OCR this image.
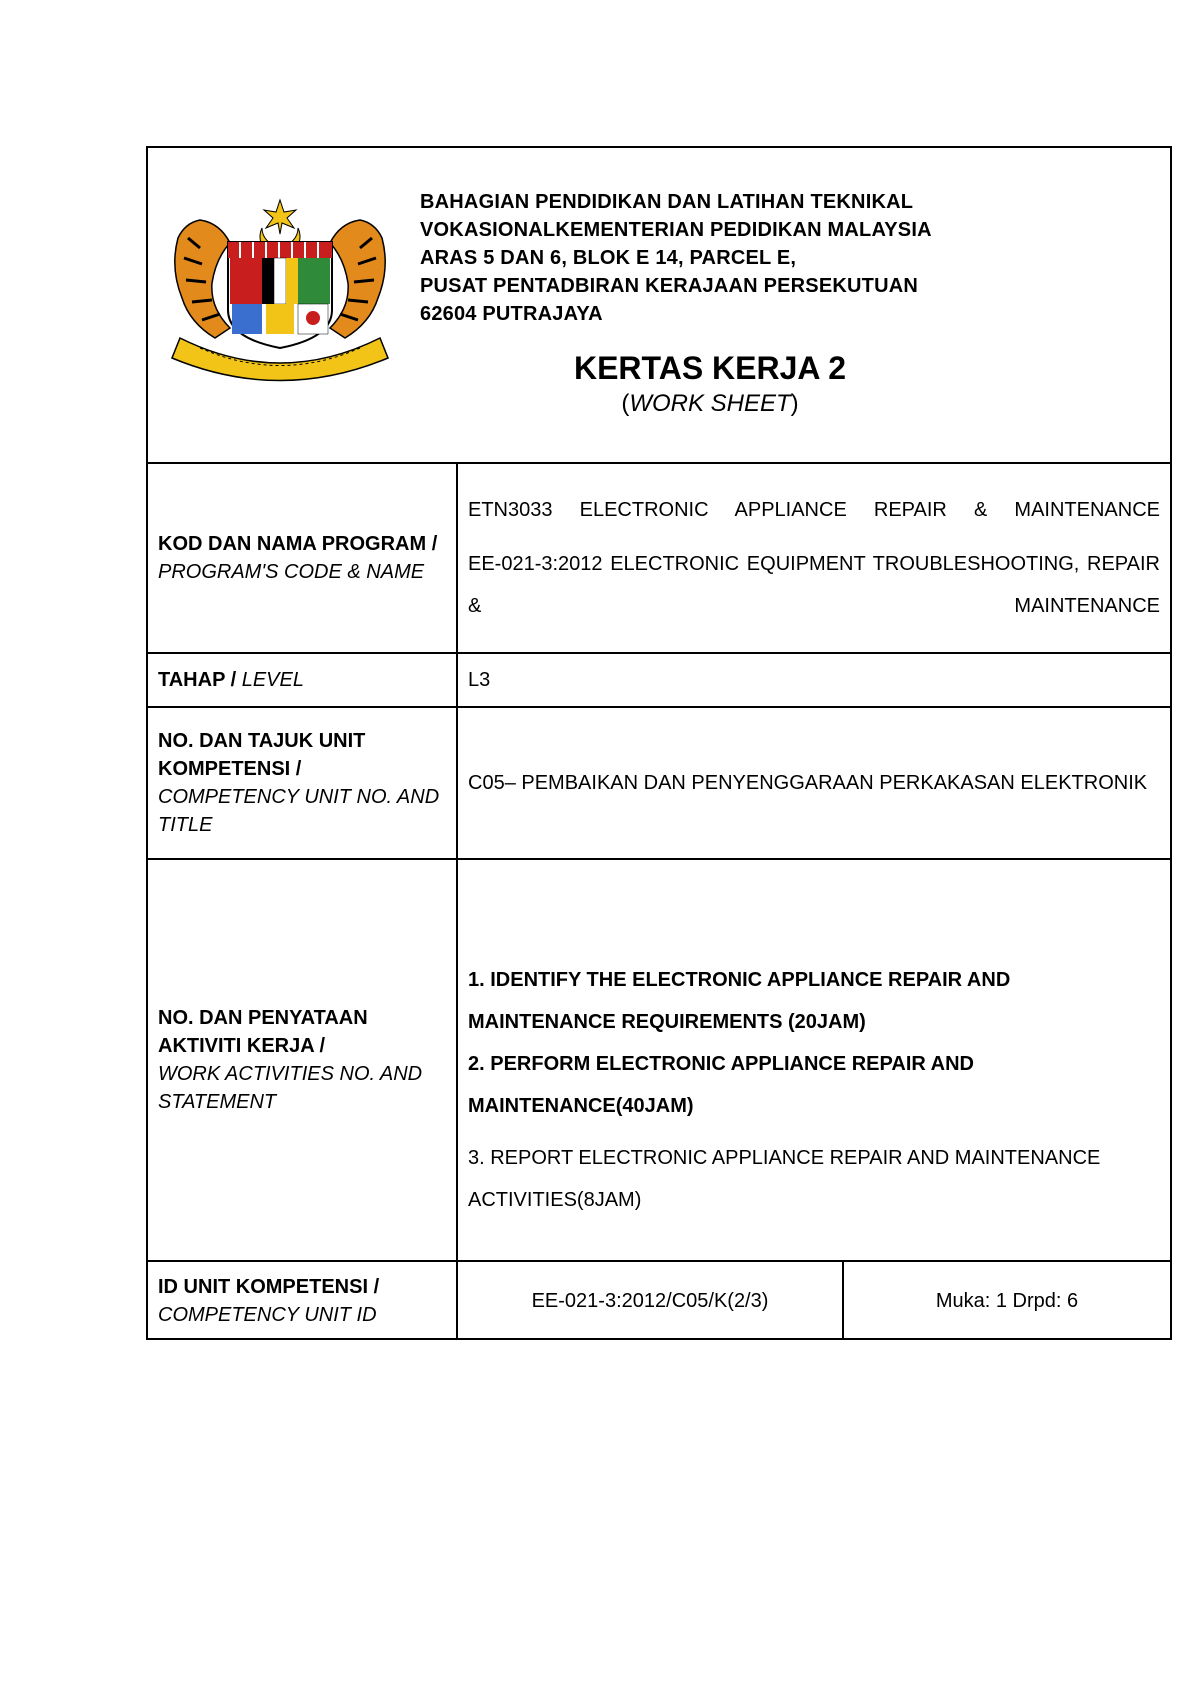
BAHAGIAN PENDIDIKAN DAN LATIHAN TEKNIKAL
VOKASIONALKEMENTERIAN PEDIDIKAN MALAYSIA
ARAS 5 DAN 6, BLOK E 14, PARCEL E,
PUSAT PENTADBIRAN KERAJAAN PERSEKUTUAN
62604 PUTRAJAYA
KERTAS KERJA 2
(WORK SHEET)
KOD DAN NAMA PROGRAM /
PROGRAM'S CODE & NAME

ETN3033 ELECTRONIC APPLIANCE REPAIR & MAINTENANCE

EE-021-3:2012 ELECTRONIC EQUIPMENT TROUBLESHOOTING, REPAIR & MAINTENANCE

TAHAP /
LEVEL	L3
NO. DAN TAJUK UNIT KOMPETENSI /
COMPETENCY UNIT NO. AND TITLE
C05– PEMBAIKAN DAN PENYENGGARAAN PERKAKASAN ELEKTRONIK
NO. DAN PENYATAAN AKTIVITI KERJA /
WORK ACTIVITIES NO. AND STATEMENT

1. IDENTIFY THE ELECTRONIC APPLIANCE REPAIR AND MAINTENANCE REQUIREMENTS (20JAM)

2. PERFORM ELECTRONIC APPLIANCE REPAIR AND MAINTENANCE(40JAM)

3. REPORT ELECTRONIC APPLIANCE REPAIR AND MAINTENANCE ACTIVITIES(8JAM)

ID UNIT KOMPETENSI /
COMPETENCY UNIT ID
EE-021-3:2012/C05/K(2/3)	Muka: 1 Drpd: 6
